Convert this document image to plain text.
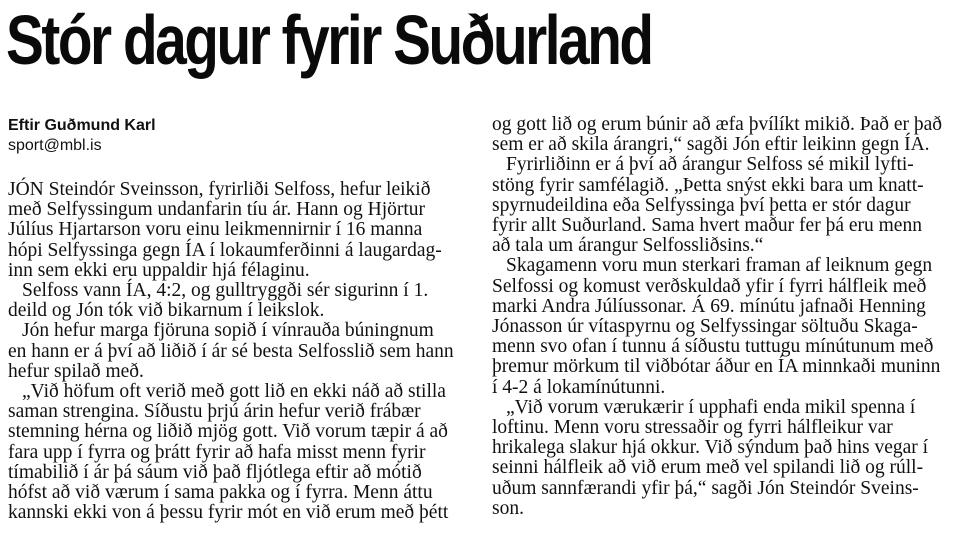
Stór dagur fyrir Suðurland
Eftir Guðmund Karl
sport@mbl.is
JÓN Steindór Sveinsson, fyrirliði Selfoss, hefur leikið
með Selfyssingum undanfarin tíu ár. Hann og Hjörtur
Júlíus Hjartarson voru einu leikmennirnir í 16 manna
hópi Selfyssinga gegn ÍA í lokaumferðinni á laugardag-
inn sem ekki eru uppaldir hjá félaginu.
Selfoss vann ÍA, 4:2, og gulltryggði sér sigurinn í 1.
deild og Jón tók við bikarnum í leikslok.
Jón hefur marga fjöruna sopið í vínrauða búningnum
en hann er á því að liðið í ár sé besta Selfosslið sem hann
hefur spilað með.
„Við höfum oft verið með gott lið en ekki náð að stilla
saman strengina. Síðustu þrjú árin hefur verið frábær
stemning hérna og liðið mjög gott. Við vorum tæpir á að
fara upp í fyrra og þrátt fyrir að hafa misst menn fyrir
tímabilið í ár þá sáum við það fljótlega eftir að mótið
hófst að við værum í sama pakka og í fyrra. Menn áttu
kannski ekki von á þessu fyrir mót en við erum með þétt
og gott lið og erum búnir að æfa þvílíkt mikið. Það er það
sem er að skila árangri,“ sagði Jón eftir leikinn gegn ÍA.
Fyrirliðinn er á því að árangur Selfoss sé mikil lyfti-
stöng fyrir samfélagið. „Þetta snýst ekki bara um knatt-
spyrnudeildina eða Selfyssinga því þetta er stór dagur
fyrir allt Suðurland. Sama hvert maður fer þá eru menn
að tala um árangur Selfossliðsins.“
Skagamenn voru mun sterkari framan af leiknum gegn
Selfossi og komust verðskuldað yfir í fyrri hálfleik með
marki Andra Júlíussonar. Á 69. mínútu jafnaði Henning
Jónasson úr vítaspyrnu og Selfyssingar söltuðu Skaga-
menn svo ofan í tunnu á síðustu tuttugu mínútunum með
þremur mörkum til viðbótar áður en ÍA minnkaði muninn
í 4-2 á lokamínútunni.
„Við vorum værukærir í upphafi enda mikil spenna í
loftinu. Menn voru stressaðir og fyrri hálfleikur var
hrikalega slakur hjá okkur. Við sýndum það hins vegar í
seinni hálfleik að við erum með vel spilandi lið og rúll-
uðum sannfærandi yfir þá,“ sagði Jón Steindór Sveins-
son.
